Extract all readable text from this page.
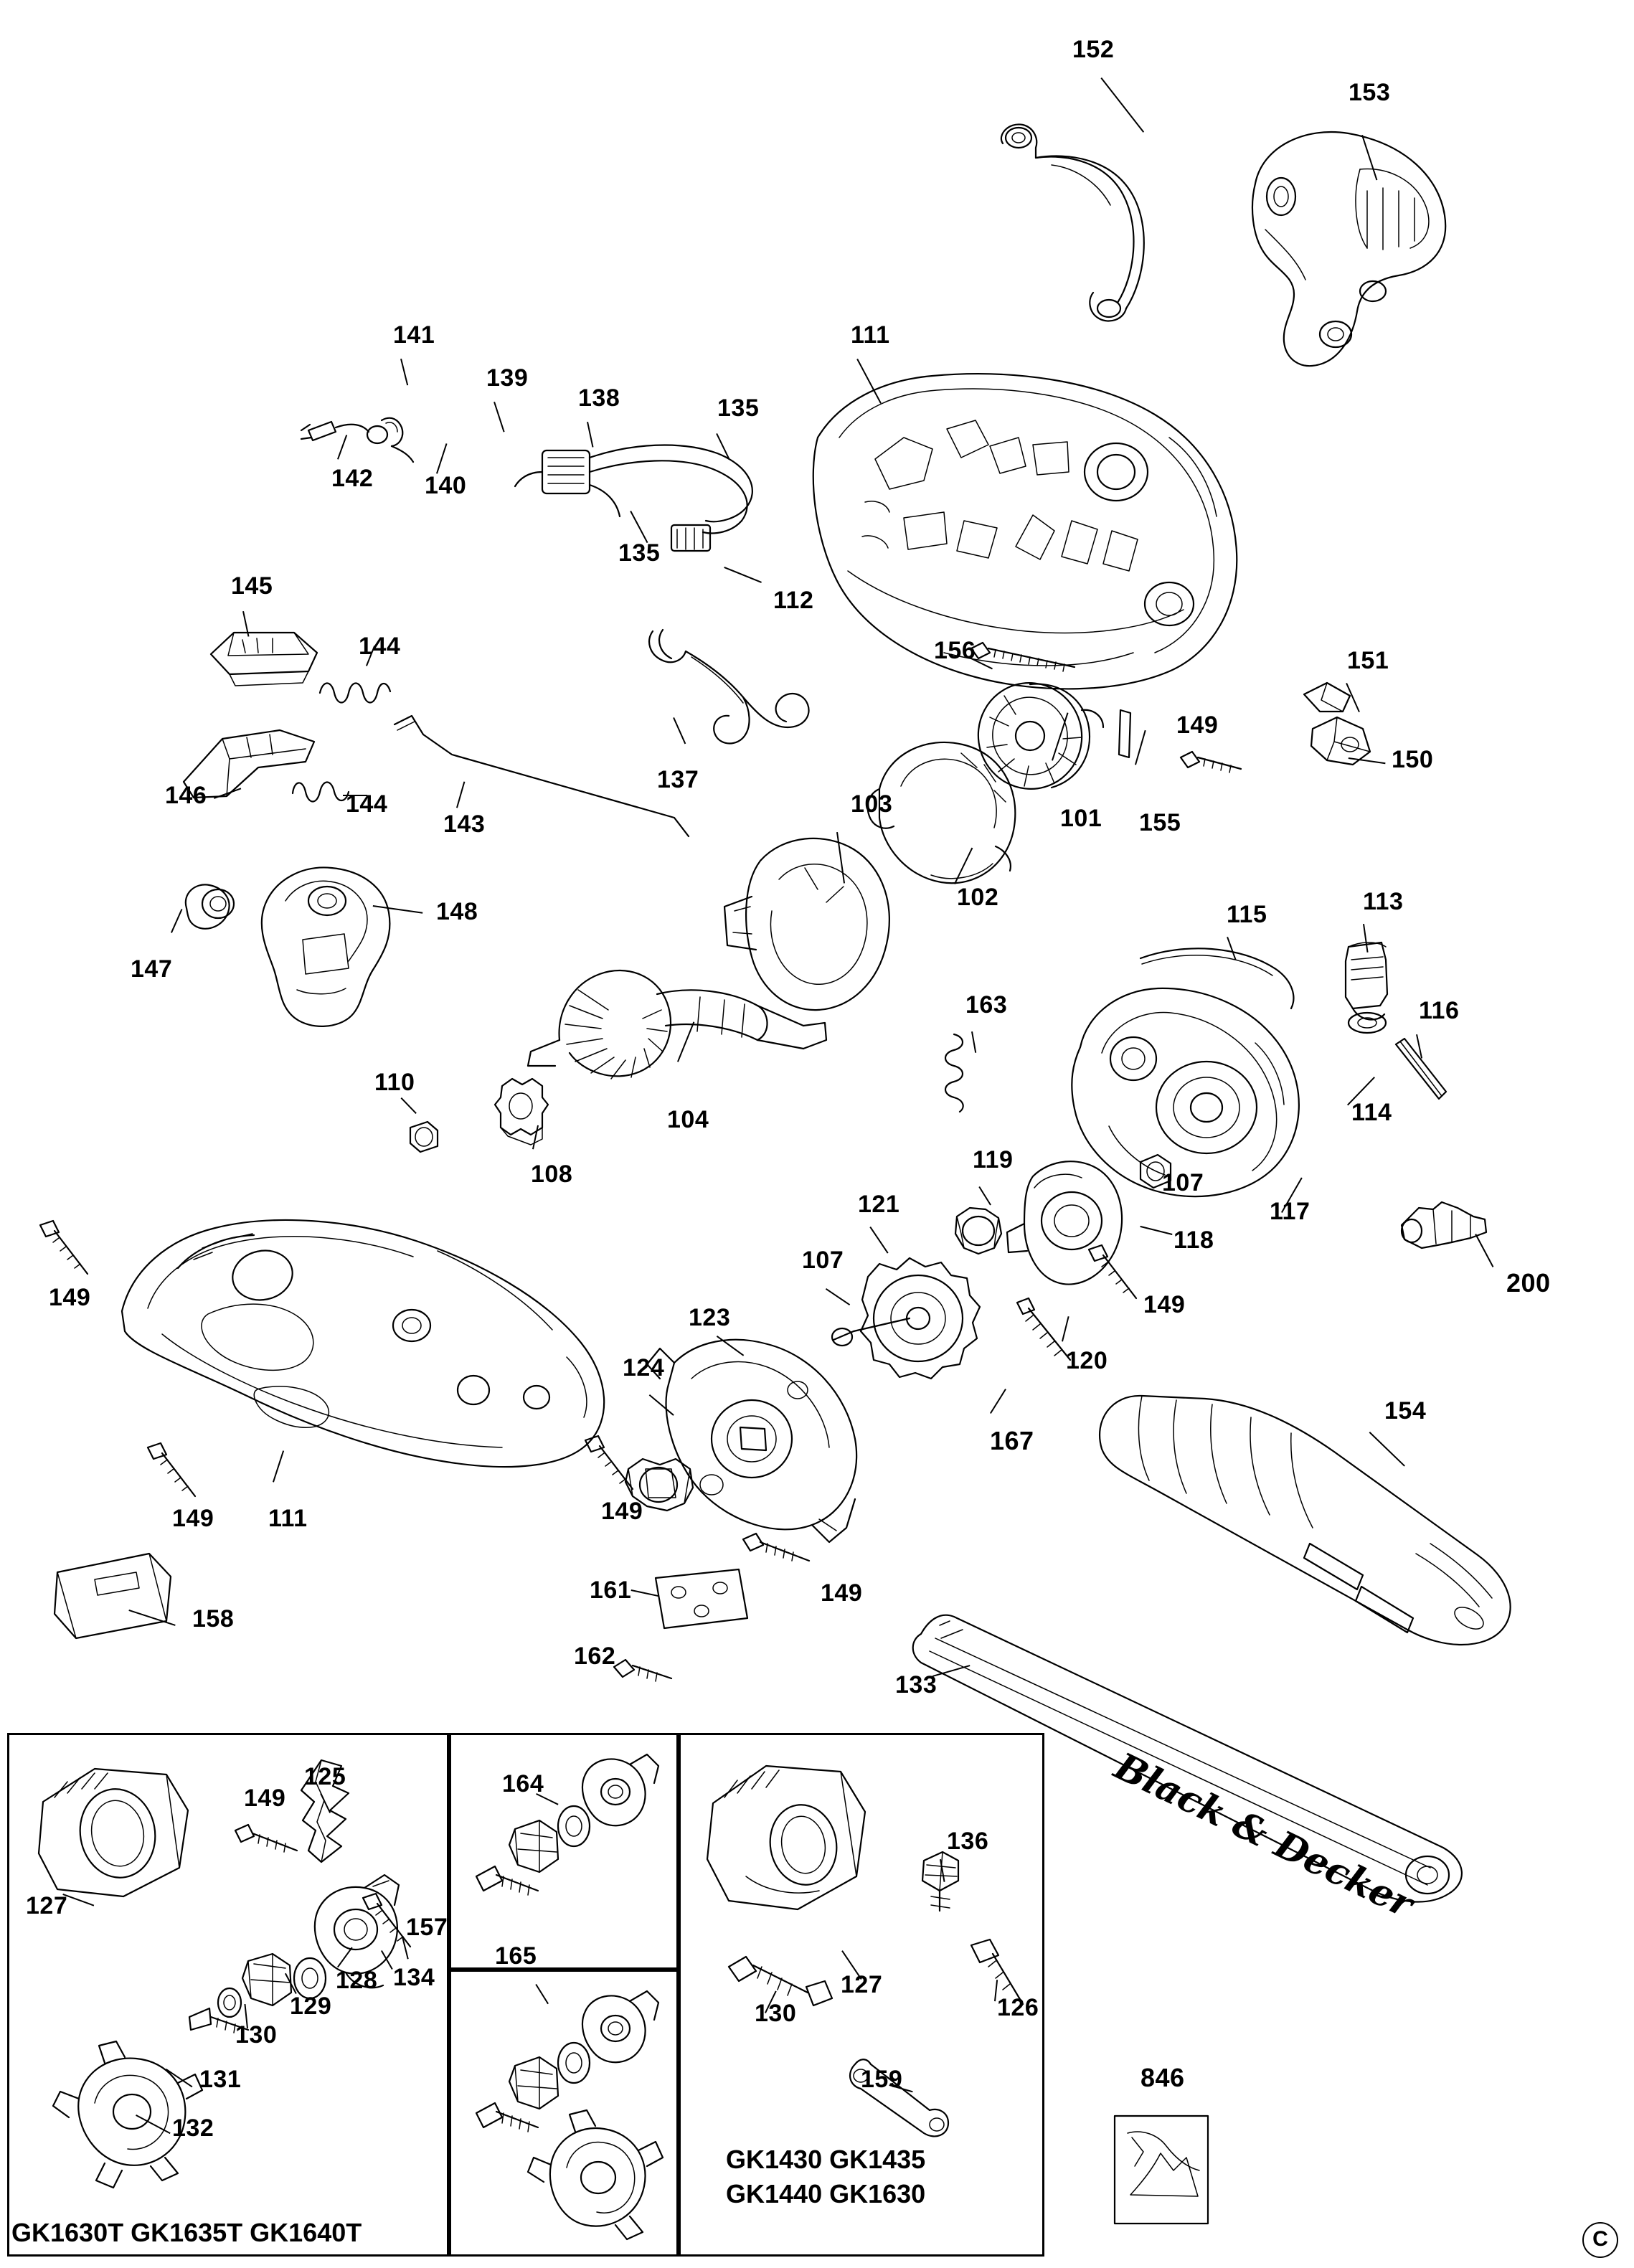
Black & Decker
152
153
141
139
138	135
111
142 140
135
112
156	151
149
150
145
144
137
146	144
143	101 155
102
148	115	113
116
147
103
163
104
110
108
114
119
107
117
118
121
107
200
149
120
149
123
124
167
154
149 111	149
161	149
158
162
133
125
149
164
136
127
157
134
128
165
127
126
129
130
130
131	159
132
846
GK1630T GK1635T GK1640T
GK1430 GK1435
GK1440 GK1630
C
